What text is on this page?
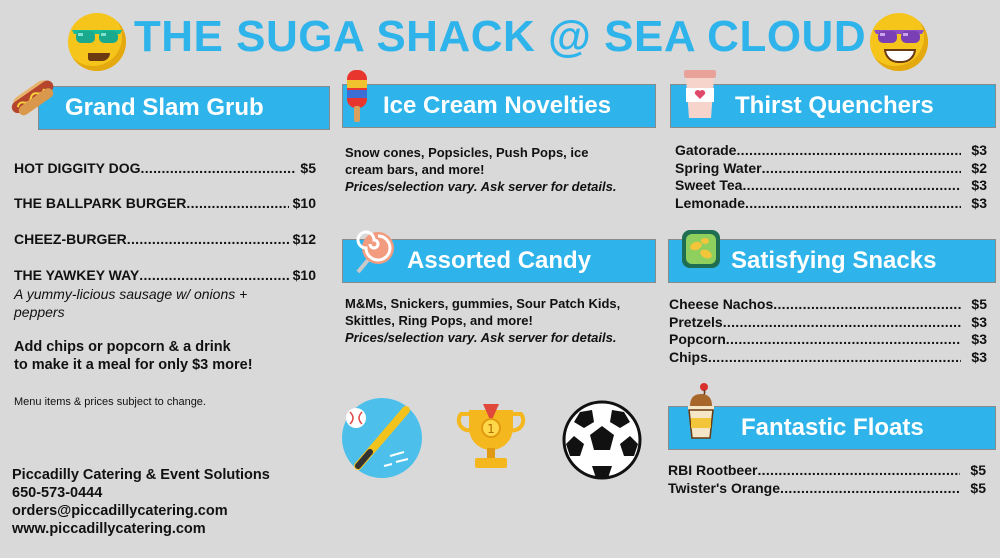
THE SUGA SHACK @ SEA CLOUD
Grand Slam Grub
HOT DIGGITY DOG .....	$5
THE BALLPARK BURGER .....	$10
CHEEZ-BURGER .....	$12
THE YAWKEY WAY .....	$10
A yummy-licious sausage w/ onions + peppers
Add chips or popcorn & a drink
to make it a meal for only $3 more!
Menu items & prices subject to change.
Piccadilly Catering & Event Solutions
650-573-0444
orders@piccadillycatering.com
www.piccadillycatering.com
Ice Cream Novelties
Snow cones, Popsicles, Push Pops, ice
cream bars, and more!
Prices/selection vary. Ask server for details.
Assorted Candy
M&Ms, Snickers, gummies, Sour Patch Kids,
Skittles, Ring Pops, and more!
Prices/selection vary. Ask server for details.
1
Thirst Quenchers
Gatorade .....	$3
Spring Water .....	$2
Sweet Tea .....	$3
Lemonade .....	$3
Satisfying Snacks
Cheese Nachos .....	$5
Pretzels .....	$3
Popcorn .....	$3
Chips .....	$3
Fantastic Floats
RBI Rootbeer .....	$5
Twister's Orange .....	$5
